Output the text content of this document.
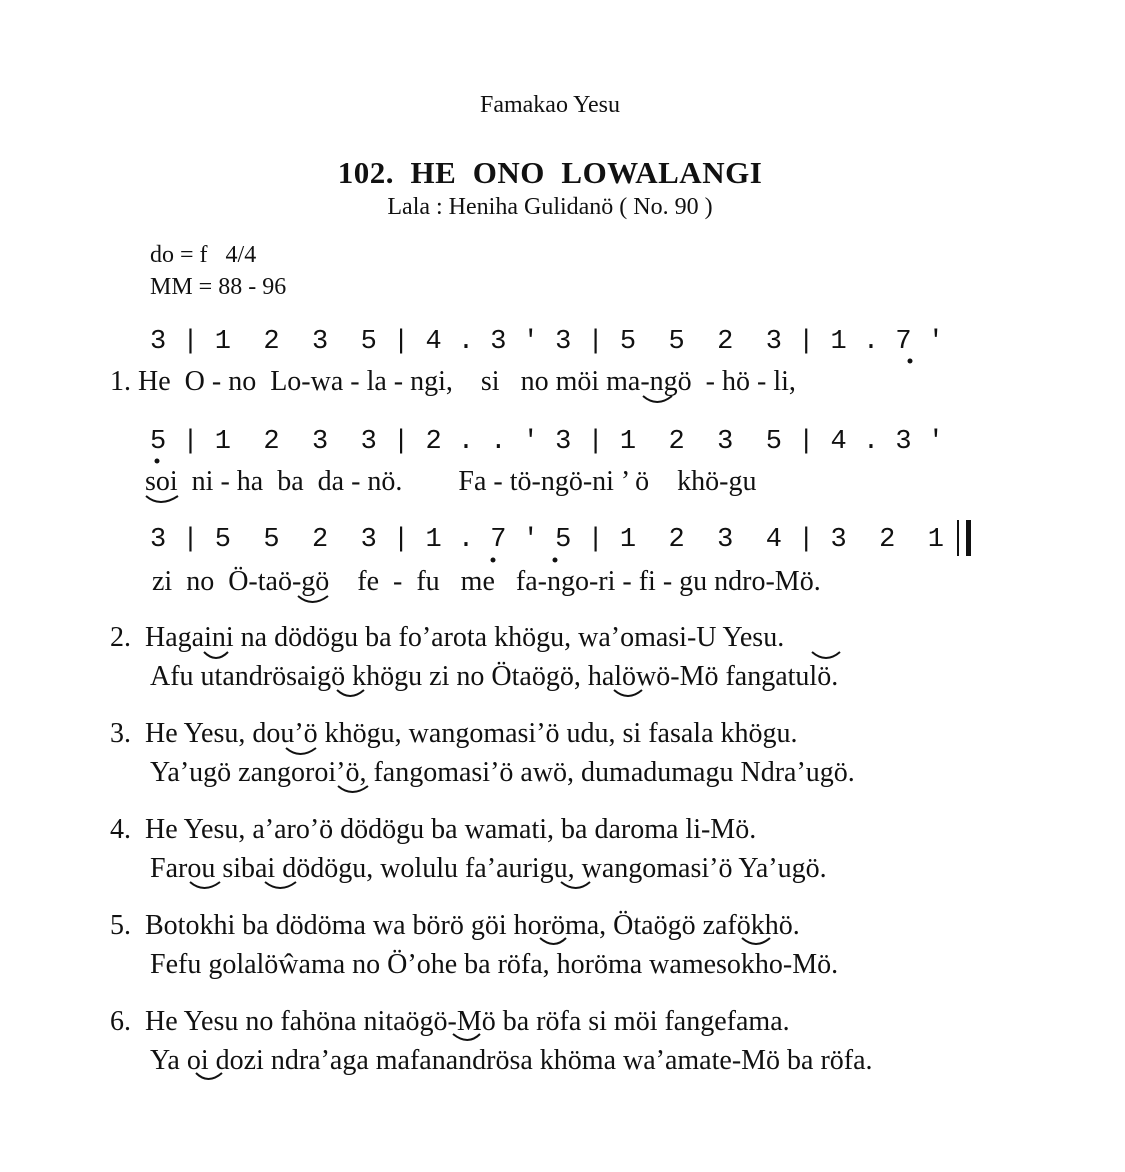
Famakao Yesu
102.  HE  ONO  LOWALANGI
Lala : Heniha Gulidanö ( No. 90 )
do = f   4/4
MM = 88 - 96
3 | 1  2  3  5 | 4 . 3 ' 3 | 5  5  2  3 | 1 . 7 '
1. He  O - no  Lo-wa - la - ngi,    si   no möi ma-ngö  - hö - li,
5 | 1  2  3  3 | 2 . . ' 3 | 1  2  3  5 | 4 . 3 '
soi  ni - ha  ba  da - nö.        Fa - tö-ngö-ni ’ ö    khö-gu
3 | 5  5  2  3 | 1 . 7 ' 5 | 1  2  3  4 | 3  2  1
zi  no  Ö-taö-gö    fe  -  fu   me   fa-ngo-ri - fi - gu ndro-Mö.
2.  Hagaini na dödögu ba fo’arota khögu, wa’omasi-U Yesu.
Afu utandrösaigö khögu zi no Ötaögö, halöwö-Mö fangatulö.
3.  He Yesu, dou’ö khögu, wangomasi’ö udu, si fasala khögu.
Ya’ugö zangoroi’ö, fangomasi’ö awö, dumadumagu Ndra’ugö.
4.  He Yesu, a’aro’ö dödögu ba wamati, ba daroma li-Mö.
Farou sibai dödögu, wolulu fa’aurigu, wangomasi’ö Ya’ugö.
5.  Botokhi ba dödöma wa börö göi horöma, Ötaögö zafökhö.
Fefu golalöŵama no Ö’ohe ba röfa, horöma wamesokho-Mö.
6.  He Yesu no fahöna nitaögö-Mö ba röfa si möi fangefama.
Ya oi dozi ndra’aga mafanandrösa khöma wa’amate-Mö ba röfa.
